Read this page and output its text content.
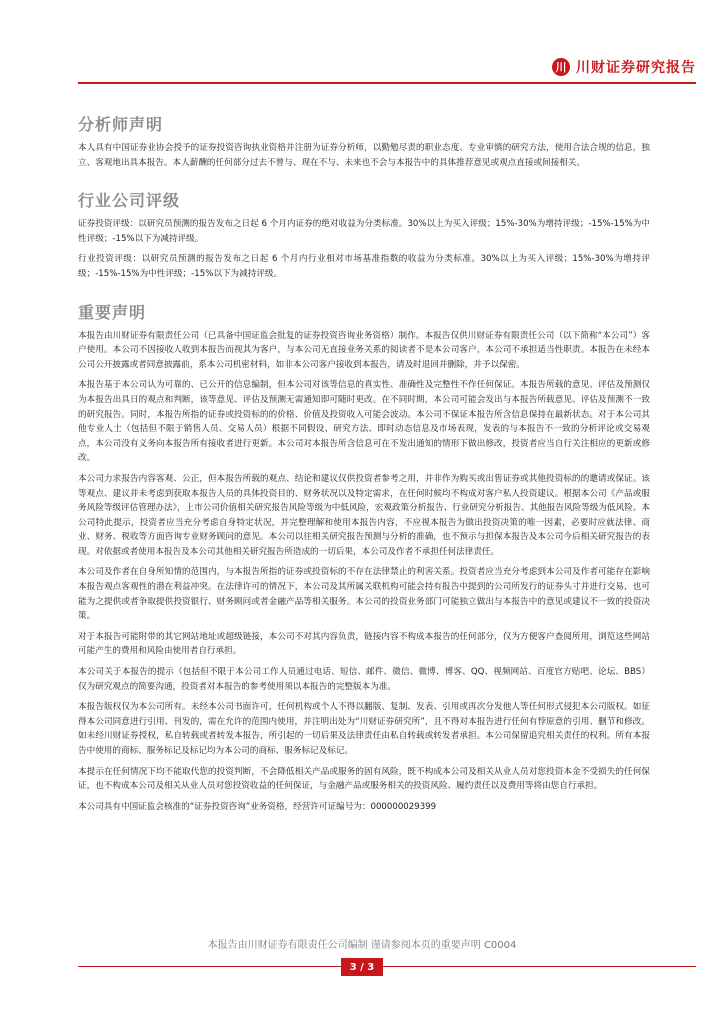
川 川财证券研究报告
分析师声明

本人具有中国证券业协会授予的证券投资咨询执业资格并注册为证券分析师，以勤勉尽责的职业态度、专业审慎的研究方法，使用合法合规的信息，独立、客观地出具本报告。本人薪酬的任何部分过去不曾与、现在不与、未来也不会与本报告中的具体推荐意见或观点直接或间接相关。

行业公司评级

证券投资评级：以研究员预测的报告发布之日起 6 个月内证券的绝对收益为分类标准。30%以上为买入评级；15%-30%为增持评级；-15%-15%为中性评级；-15%以下为减持评级。

行业投资评级：以研究员预测的报告发布之日起 6 个月内行业相对市场基准指数的收益为分类标准。30%以上为买入评级；15%-30%为增持评级；-15%-15%为中性评级；-15%以下为减持评级。

重要声明

本报告由川财证券有限责任公司（已具备中国证监会批复的证券投资咨询业务资格）制作。本报告仅供川财证券有限责任公司（以下简称“本公司”）客户使用。本公司不因接收人收到本报告而视其为客户，与本公司无直接业务关系的阅读者不是本公司客户，本公司不承担适当性职责。本报告在未经本公司公开披露或者同意披露前，系本公司机密材料，如非本公司客户接收到本报告，请及时退回并删除，并予以保密。

本报告基于本公司认为可靠的、已公开的信息编制，但本公司对该等信息的真实性、准确性及完整性不作任何保证。本报告所载的意见、评估及预测仅为本报告出具日的观点和判断，该等意见、评估及预测无需通知即可随时更改。在不同时期，本公司可能会发出与本报告所载意见、评估及预测不一致的研究报告。同时，本报告所指的证券或投资标的的价格、价值及投资收入可能会波动。本公司不保证本报告所含信息保持在最新状态。对于本公司其他专业人士（包括但不限于销售人员、交易人员）根据不同假设、研究方法、即时动态信息及市场表现，发表的与本报告不一致的分析评论或交易观点，本公司没有义务向本报告所有接收者进行更新。本公司对本报告所含信息可在不发出通知的情形下做出修改，投资者应当自行关注相应的更新或修改。

本公司力求报告内容客观、公正，但本报告所载的观点、结论和建议仅供投资者参考之用，并非作为购买或出售证券或其他投资标的的邀请或保证。该等观点、建议并未考虑到获取本报告人员的具体投资目的、财务状况以及特定需求，在任何时候均不构成对客户私人投资建议。根据本公司《产品或服务风险等级评估管理办法》，上市公司价值相关研究报告风险等级为中低风险，宏观政策分析报告、行业研究分析报告、其他报告风险等级为低风险。本公司特此提示，投资者应当充分考虑自身特定状况，并完整理解和使用本报告内容，不应视本报告为做出投资决策的唯一因素，必要时应就法律、商业、财务、税收等方面咨询专业财务顾问的意见。本公司以往相关研究报告预测与分析的准确，也不预示与担保本报告及本公司今后相关研究报告的表现。对依据或者使用本报告及本公司其他相关研究报告所造成的一切后果，本公司及作者不承担任何法律责任。

本公司及作者在自身所知情的范围内，与本报告所指的证券或投资标的不存在法律禁止的利害关系。投资者应当充分考虑到本公司及作者可能存在影响本报告观点客观性的潜在利益冲突。在法律许可的情况下，本公司及其所属关联机构可能会持有报告中提到的公司所发行的证券头寸并进行交易，也可能为之提供或者争取提供投资银行、财务顾问或者金融产品等相关服务。本公司的投资业务部门可能独立做出与本报告中的意见或建议不一致的投资决策。

对于本报告可能附带的其它网站地址或超级链接，本公司不对其内容负责，链接内容不构成本报告的任何部分，仅为方便客户查阅所用，浏览这些网站可能产生的费用和风险由使用者自行承担。

本公司关于本报告的提示（包括但不限于本公司工作人员通过电话、短信、邮件、微信、微博、博客、QQ、视频网站、百度官方贴吧、论坛、BBS）仅为研究观点的简要沟通，投资者对本报告的参考使用须以本报告的完整版本为准。

本报告版权仅为本公司所有。未经本公司书面许可，任何机构或个人不得以翻版、复制、发表、引用或再次分发他人等任何形式侵犯本公司版权。如征得本公司同意进行引用、刊发的，需在允许的范围内使用，并注明出处为“川财证券研究所”，且不得对本报告进行任何有悖原意的引用、删节和修改。如未经川财证券授权，私自转载或者转发本报告，所引起的一切后果及法律责任由私自转载或转发者承担。本公司保留追究相关责任的权利。所有本报告中使用的商标、服务标记及标记均为本公司的商标、服务标记及标记。

本提示在任何情况下均不能取代您的投资判断，不会降低相关产品或服务的固有风险，既不构成本公司及相关从业人员对您投资本金不受损失的任何保证，也不构成本公司及相关从业人员对您投资收益的任何保证，与金融产品或服务相关的投资风险、履约责任以及费用等将由您自行承担。

本公司具有中国证监会核准的“证券投资咨询”业务资格，经营许可证编号为：000000029399

本报告由川财证券有限责任公司编制 谨请参阅本页的重要声明 C0004
3 / 3
